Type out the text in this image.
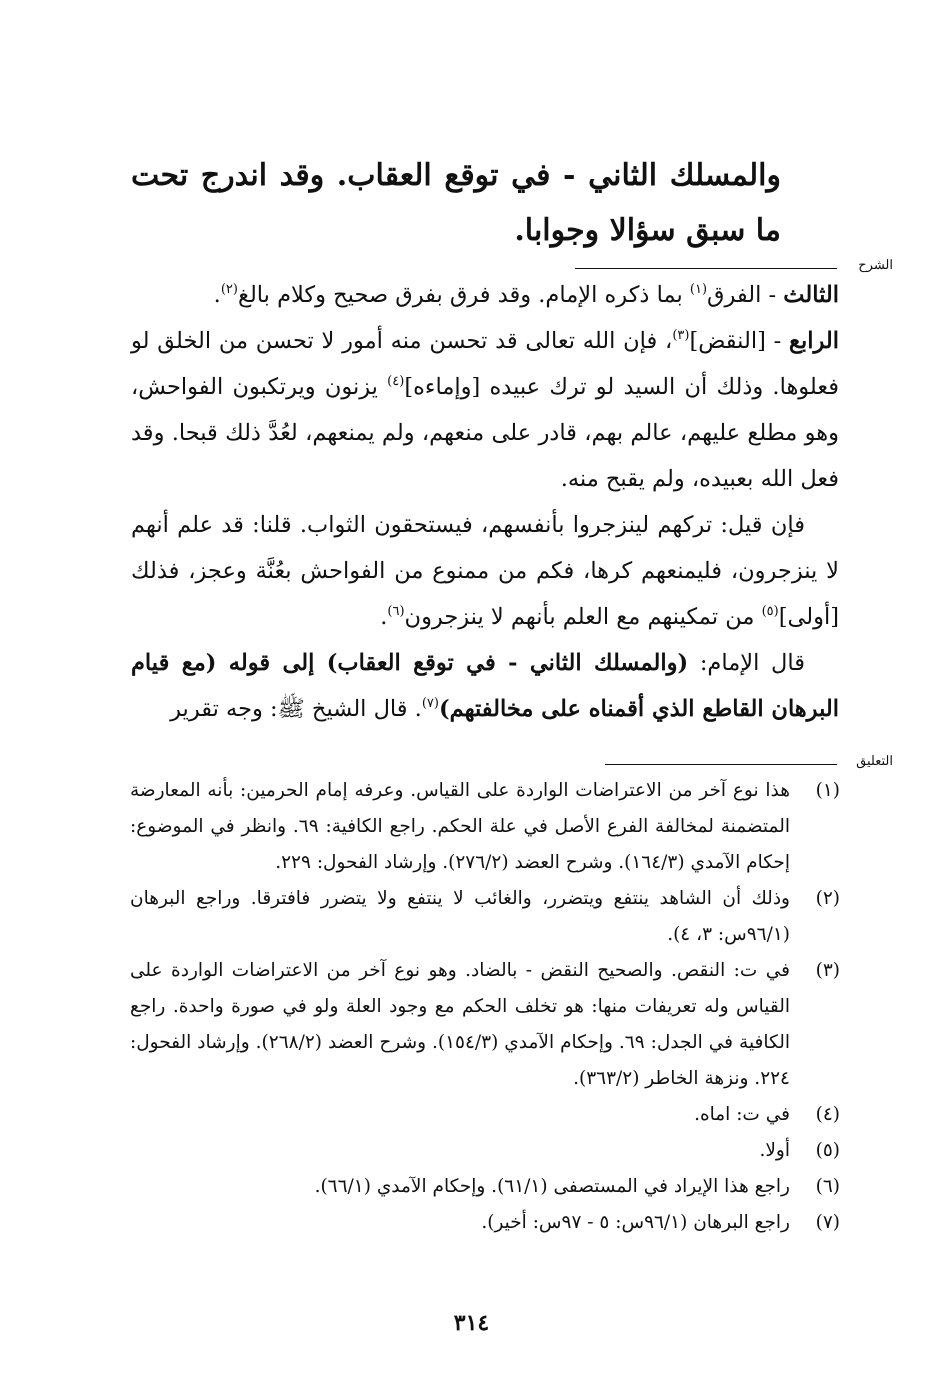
والمسلك الثاني - في توقع العقاب. وقد اندرج تحت ما سبق سؤالا وجوابا.
الشرح

الثالث - الفرق$^{(١)}$ بما ذكره الإمام. وقد فرق بفرق صحيح وكلام بالغ$^{(٢)}$.

الرابع - [النقض]$^{(٣)}$، فإن الله تعالى قد تحسن منه أمور لا تحسن من الخلق لو فعلوها. وذلك أن السيد لو ترك عبيده [وإماءه]$^{(٤)}$ يزنون ويرتكبون الفواحش، وهو مطلع عليهم، عالم بهم، قادر على منعهم، ولم يمنعهم، لعُدَّ ذلك قبحا. وقد فعل الله بعبيده، ولم يقبح منه.

فإن قيل: تركهم لينزجروا بأنفسهم، فيستحقون الثواب. قلنا: قد علم أنهم لا ينزجرون، فليمنعهم كرها، فكم من ممنوع من الفواحش بعُنَّة وعجز، فذلك [أولى]$^{(٥)}$ من تمكينهم مع العلم بأنهم لا ينزجرون$^{(٦)}$.

قال الإمام: (والمسلك الثاني - في توقع العقاب) إلى قوله (مع قيام البرهان القاطع الذي أقمناه على مخالفتهم)$^{(٧)}$. قال الشيخ ﷺ: وجه تقرير

التعليق
(١)
هذا نوع آخر من الاعتراضات الواردة على القياس. وعرفه إمام الحرمين: بأنه المعارضة المتضمنة لمخالفة الفرع الأصل في علة الحكم. راجع الكافية: ٦٩. وانظر في الموضوع: إحكام الآمدي (١٦٤/٣). وشرح العضد (٢٧٦/٢). وإرشاد الفحول: ٢٢٩.
(٢)
وذلك أن الشاهد ينتفع ويتضرر، والغائب لا ينتفع ولا يتضرر فافترقا. وراجع البرهان (٩٦/١س: ٣، ٤).
(٣)
في ت: النقص. والصحيح النقض - بالضاد. وهو نوع آخر من الاعتراضات الواردة على القياس وله تعريفات منها: هو تخلف الحكم مع وجود العلة ولو في صورة واحدة. راجع الكافية في الجدل: ٦٩. وإحكام الآمدي (١٥٤/٣). وشرح العضد (٢٦٨/٢). وإرشاد الفحول: ٢٢٤. ونزهة الخاطر (٣٦٣/٢).
(٤)
في ت: اماه.
(٥)
أولا.
(٦)
راجع هذا الإيراد في المستصفى (٦١/١). وإحكام الآمدي (٦٦/١).
(٧)
راجع البرهان (٩٦/١س: ٥ - ٩٧س: أخير).
٣١٤
